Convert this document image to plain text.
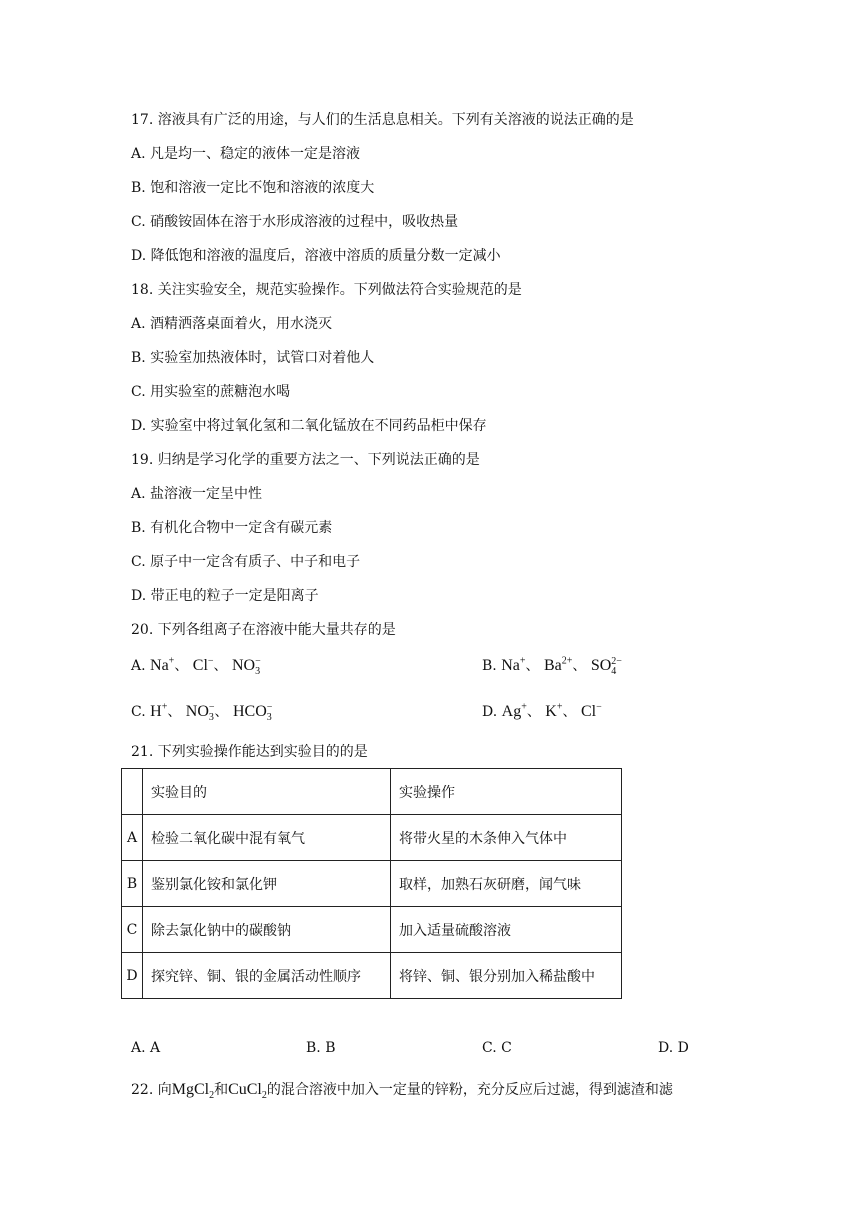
17. 溶液具有广泛的用途，与人们的生活息息相关。下列有关溶液的说法正确的是
A. 凡是均一、稳定的液体一定是溶液
B. 饱和溶液一定比不饱和溶液的浓度大
C. 硝酸铵固体在溶于水形成溶液的过程中，吸收热量
D. 降低饱和溶液的温度后，溶液中溶质的质量分数一定减小
18. 关注实验安全，规范实验操作。下列做法符合实验规范的是
A. 酒精洒落桌面着火，用水浇灭
B. 实验室加热液体时，试管口对着他人
C. 用实验室的蔗糖泡水喝
D. 实验室中将过氧化氢和二氧化锰放在不同药品柜中保存
19. 归纳是学习化学的重要方法之一、下列说法正确的是
A. 盐溶液一定呈中性
B. 有机化合物中一定含有碳元素
C. 原子中一定含有质子、中子和电子
D. 带正电的粒子一定是阳离子
20. 下列各组离子在溶液中能大量共存的是
A. Na+、 Cl−、 NO −
3	B. Na+、 $Ba^{2+}$、 SO 2−
4
C. H+、 NO −
3 、 HCO −
3	D. Ag+、 K+、 Cl−
21. 下列实验操作能达到实验目的的是
	实验目的	实验操作
A	检验二氧化碳中混有氧气	将带火星的木条伸入气体中
B	鉴别氯化铵和氯化钾	取样，加熟石灰研磨，闻气味
C	除去氯化钠中的碳酸钠	加入适量硫酸溶液
D	探究锌、铜、银的金属活动性顺序	将锌、铜、银分别加入稀盐酸中
A. A	B. B	C. C	D. D
22. 向MgCl$_2$和CuCl$_2$的混合溶液中加入一定量的锌粉，充分反应后过滤，得到滤渣和滤
